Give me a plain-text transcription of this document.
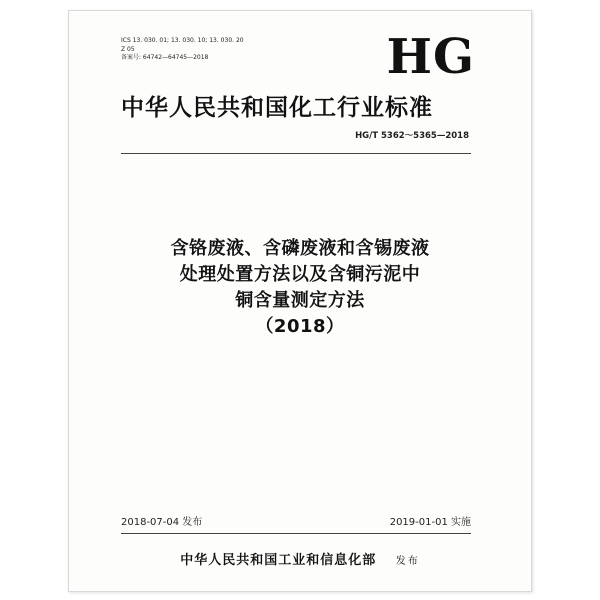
ICS 13. 030. 01; 13. 030. 10; 13. 030. 20
Z 05
备案号: 64742—64745—2018	HG
中华人民共和国化工行业标准
HG/T 5362～5365—2018
含铬废液、含磷废液和含锡废液
处理处置方法以及含铜污泥中
铜含量测定方法
（2018）
2018-07-04 发布	2019-01-01 实施
中华人民共和国工业和信息化部 发布
